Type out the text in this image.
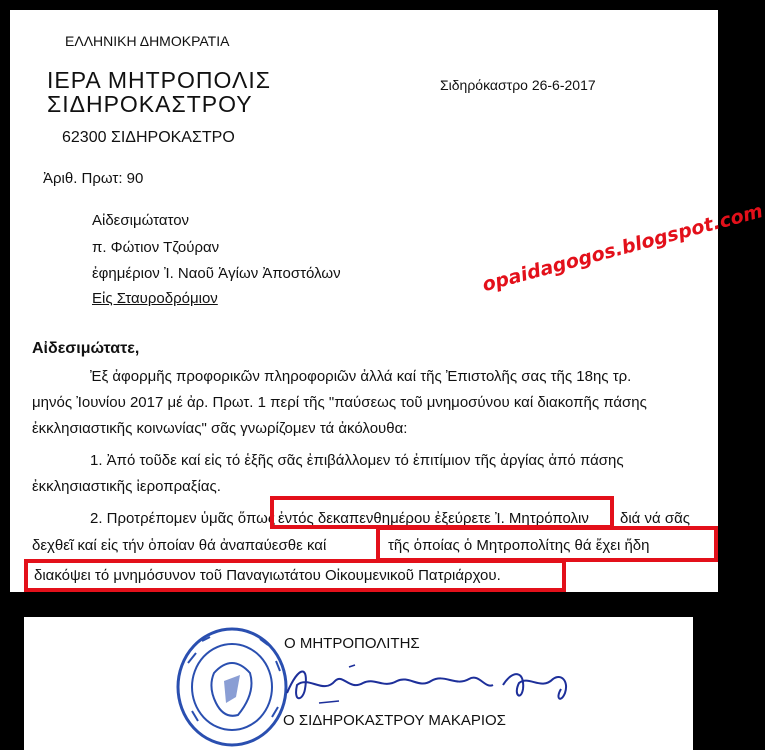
ΕΛΛΗΝΙΚΗ ΔΗΜΟΚΡΑΤΙΑ
ΙΕΡΑ ΜΗΤΡΟΠΟΛΙΣ
ΣΙΔΗΡΟΚΑΣΤΡΟΥ
Σιδηρόκαστρο 26-6-2017
62300 ΣΙΔΗΡΟΚΑΣΤΡΟ
Ἀριθ. Πρωτ: 90
Αἰδεσιμώτατον
π. Φώτιον Τζούραν
ἐφημέριον Ἰ. Ναοῦ Ἁγίων Ἀποστόλων
Εἰς Σταυροδρόμιον
Αἰδεσιμώτατε,
Ἐξ ἀφορμῆς προφορικῶν πληροφοριῶν ἀλλά καί τῆς Ἐπιστολῆς σας τῆς 18ης τρ.
μηνός Ἰουνίου 2017 μέ ἀρ. Πρωτ. 1 περί τῆς "παύσεως τοῦ μνημοσύνου καί διακοπῆς πάσης
ἐκκλησιαστικῆς κοινωνίας" σᾶς γνωρίζομεν τά ἀκόλουθα:
1. Ἀπό τοῦδε καί εἰς τό ἑξῆς σᾶς ἐπιβάλλομεν τό ἐπιτίμιον τῆς ἀργίας ἀπό πάσης
ἐκκλησιαστικῆς ἱεροπραξίας.
2. Προτρέπομεν ὑμᾶς ὅπως ἐντός δεκαπενθημέρου ἐξεύρετε Ἰ. Μητρόπολιν διά νά σᾶς
δεχθεῖ καί εἰς τήν ὁποίαν θά ἀναπαύεσθε καί	τῆς ὁποίας ὁ Μητροπολίτης θά ἔχει ἤδη
διακόψει τό μνημόσυνον τοῦ Παναγιωτάτου Οἰκουμενικοῦ Πατριάρχου.
opaidagogos.blogspot.com
Ο ΜΗΤΡΟΠΟΛΙΤΗΣ
Ο ΣΙΔΗΡΟΚΑΣΤΡΟΥ ΜΑΚΑΡΙΟΣ
